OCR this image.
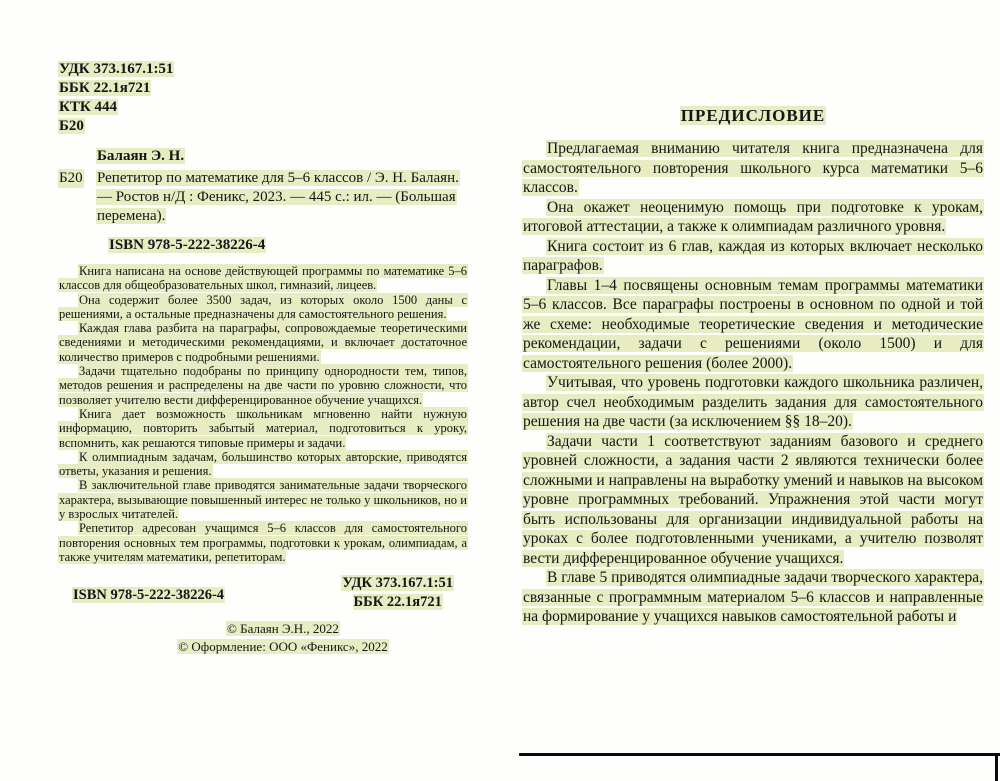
УДК 373.167.1:51
ББК 22.1я721
КТК 444
Б20
Балаян Э. Н.
Б20 Репетитор по математике для 5–6 классов / Э. Н. Балаян. — Ростов н/Д : Феникс, 2023. — 445 с.: ил. — (Большая перемена).
ISBN 978-5-222-38226-4

Книга написана на основе действующей программы по математике 5–6 классов для общеобразовательных школ, гимназий, лицеев.

Она содержит более 3500 задач, из которых около 1500 даны с решениями, а остальные предназначены для самостоятельного решения.

Каждая глава разбита на параграфы, сопровождаемые теоретическими сведениями и методическими рекомендациями, и включает достаточное количество примеров с подробными решениями.

Задачи тщательно подобраны по принципу однородности тем, типов, методов решения и распределены на две части по уровню сложности, что позволяет учителю вести дифференцированное обучение учащихся.

Книга дает возможность школьникам мгновенно найти нужную информацию, повторить забытый материал, подготовиться к уроку, вспомнить, как решаются типовые примеры и задачи.

К олимпиадным задачам, большинство которых авторские, приводятся ответы, указания и решения.

В заключительной главе приводятся занимательные задачи творческого характера, вызывающие повышенный интерес не только у школьников, но и у взрослых читателей.

Репетитор адресован учащимся 5–6 классов для самостоятельного повторения основных тем программы, подготовки к урокам, олимпиадам, а также учителям математики, репетиторам.

ISBN 978-5-222-38226-4
УДК 373.167.1:51
ББК 22.1я721
© Балаян Э.Н., 2022
© Оформление: ООО «Феникс», 2022
ПРЕДИСЛОВИЕ

Предлагаемая вниманию читателя книга предназначена для самостоятельного повторения школьного курса математики 5–6 классов.

Она окажет неоценимую помощь при подготовке к урокам, итоговой аттестации, а также к олимпиадам различного уровня.

Книга состоит из 6 глав, каждая из которых включает несколько параграфов.

Главы 1–4 посвящены основным темам программы математики 5–6 классов. Все параграфы построены в основном по одной и той же схеме: необходимые теоретические сведения и методические рекомендации, задачи с решениями (около 1500) и для самостоятельного решения (более 2000).

Учитывая, что уровень подготовки каждого школьника различен, автор счел необходимым разделить задания для самостоятельного решения на две части (за исключением §§ 18–20).

Задачи части 1 соответствуют заданиям базового и среднего уровней сложности, а задания части 2 являются технически более сложными и направлены на выработку умений и навыков на высоком уровне программных требований. Упражнения этой части могут быть использованы для организации индивидуальной работы на уроках с более подготовленными учениками, а учителю позволят вести дифференцированное обучение учащихся.

В главе 5 приводятся олимпиадные задачи творческого характера, связанные с программным материалом 5–6 классов и направленные на формирование у учащихся навыков самостоятельной работы и
